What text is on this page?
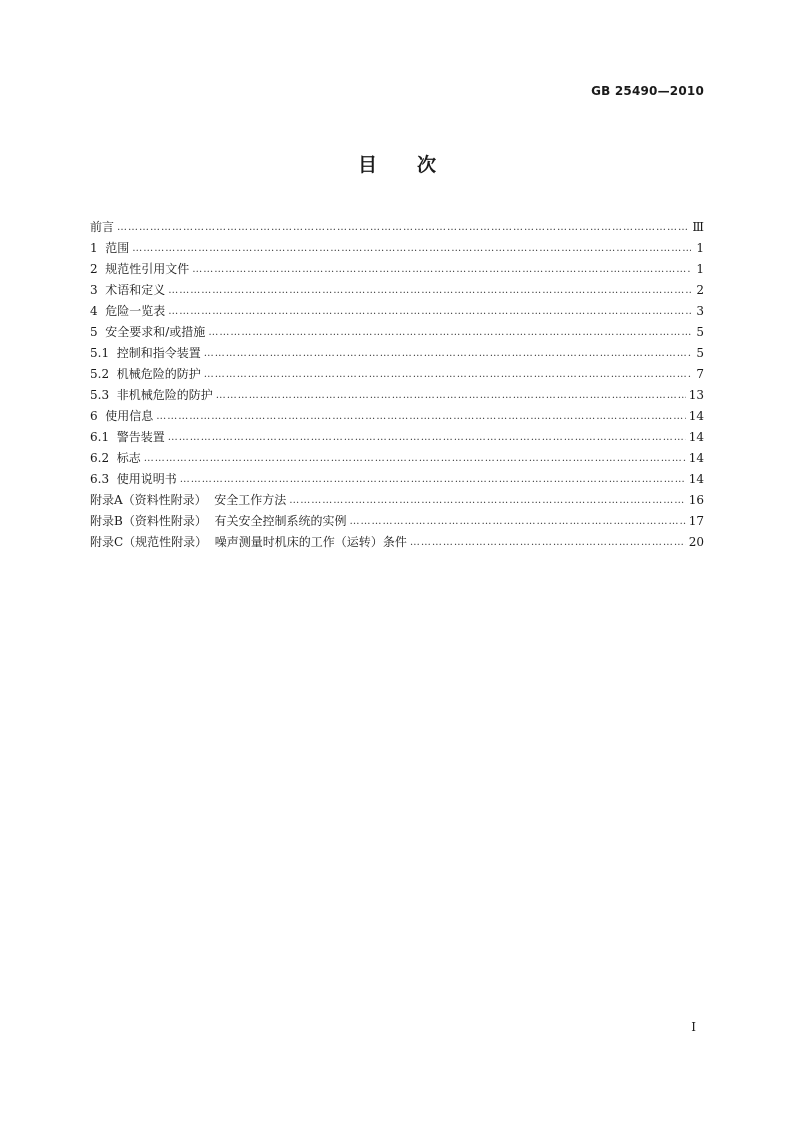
GB 25490—2010
目次
前言 …………………………………………………………………………………………………………………………………………………………………………………………………………………………………………	Ⅲ
1  范围 …………………………………………………………………………………………………………………………………………………………………………………………………………………………………………	1
2  规范性引用文件 …………………………………………………………………………………………………………………………………………………………………………………………………………………………………………	1
3  术语和定义 …………………………………………………………………………………………………………………………………………………………………………………………………………………………………………	2
4  危险一览表 …………………………………………………………………………………………………………………………………………………………………………………………………………………………………………	3
5  安全要求和/或措施 …………………………………………………………………………………………………………………………………………………………………………………………………………………………………………	5
5.1  控制和指令装置 …………………………………………………………………………………………………………………………………………………………………………………………………………………………………………	5
5.2  机械危险的防护 …………………………………………………………………………………………………………………………………………………………………………………………………………………………………………	7
5.3  非机械危险的防护 …………………………………………………………………………………………………………………………………………………………………………………………………………………………………………	13
6  使用信息 …………………………………………………………………………………………………………………………………………………………………………………………………………………………………………	14
6.1  警告装置 …………………………………………………………………………………………………………………………………………………………………………………………………………………………………………	14
6.2  标志 …………………………………………………………………………………………………………………………………………………………………………………………………………………………………………	14
6.3  使用说明书 …………………………………………………………………………………………………………………………………………………………………………………………………………………………………………	14
附录A（资料性附录）  安全工作方法 …………………………………………………………………………………………………………………………………………………………………………………………………………………………………………	16
附录B（资料性附录）  有关安全控制系统的实例 …………………………………………………………………………………………………………………………………………………………………………………………………………………………………………	17
附录C（规范性附录）  噪声测量时机床的工作（运转）条件 …………………………………………………………………………………………………………………………………………………………………………………………………………………………………………	20
I
